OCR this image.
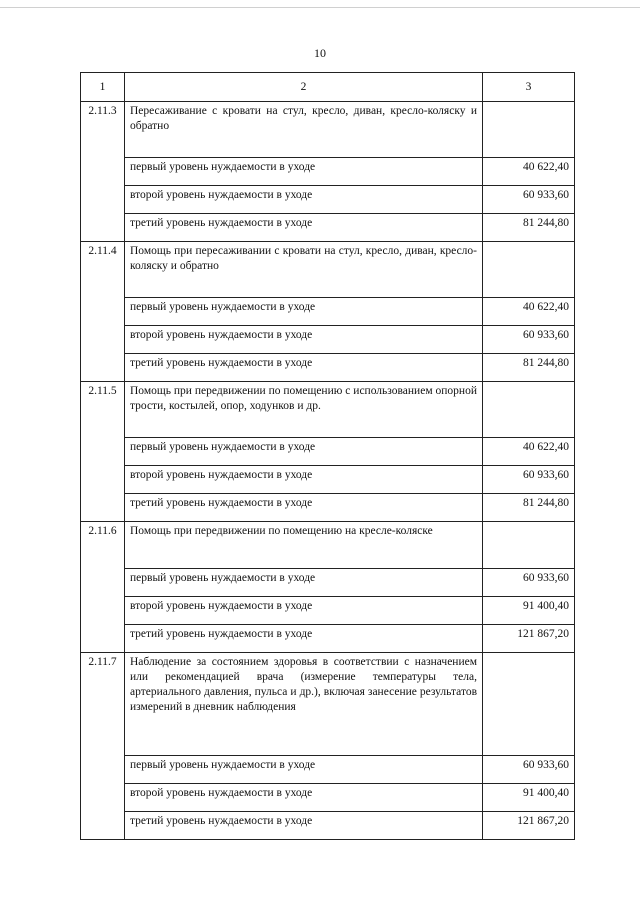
10
1	2	3
2.11.3	Пересаживание с кровати на стул, кресло, диван, кресло-коляску и обратно	
	первый уровень нуждаемости в уходе	40 622,40
	второй уровень нуждаемости в уходе	60 933,60
	третий уровень нуждаемости в уходе	81 244,80
2.11.4	Помощь при пересаживании с кровати на стул, кресло, диван, кресло-коляску и обратно	
	первый уровень нуждаемости в уходе	40 622,40
	второй уровень нуждаемости в уходе	60 933,60
	третий уровень нуждаемости в уходе	81 244,80
2.11.5	Помощь при передвижении по помещению с использованием опорной трости, костылей, опор, ходунков и др.	
	первый уровень нуждаемости в уходе	40 622,40
	второй уровень нуждаемости в уходе	60 933,60
	третий уровень нуждаемости в уходе	81 244,80
2.11.6	Помощь при передвижении по помещению на кресле-коляске	
	первый уровень нуждаемости в уходе	60 933,60
	второй уровень нуждаемости в уходе	91 400,40
	третий уровень нуждаемости в уходе	121 867,20
2.11.7	Наблюдение за состоянием здоровья в соответствии с назначением или рекомендацией врача (измерение температуры тела, артериального давления, пульса и др.), включая занесение результатов измерений в дневник наблюдения	
	первый уровень нуждаемости в уходе	60 933,60
	второй уровень нуждаемости в уходе	91 400,40
	третий уровень нуждаемости в уходе	121 867,20
